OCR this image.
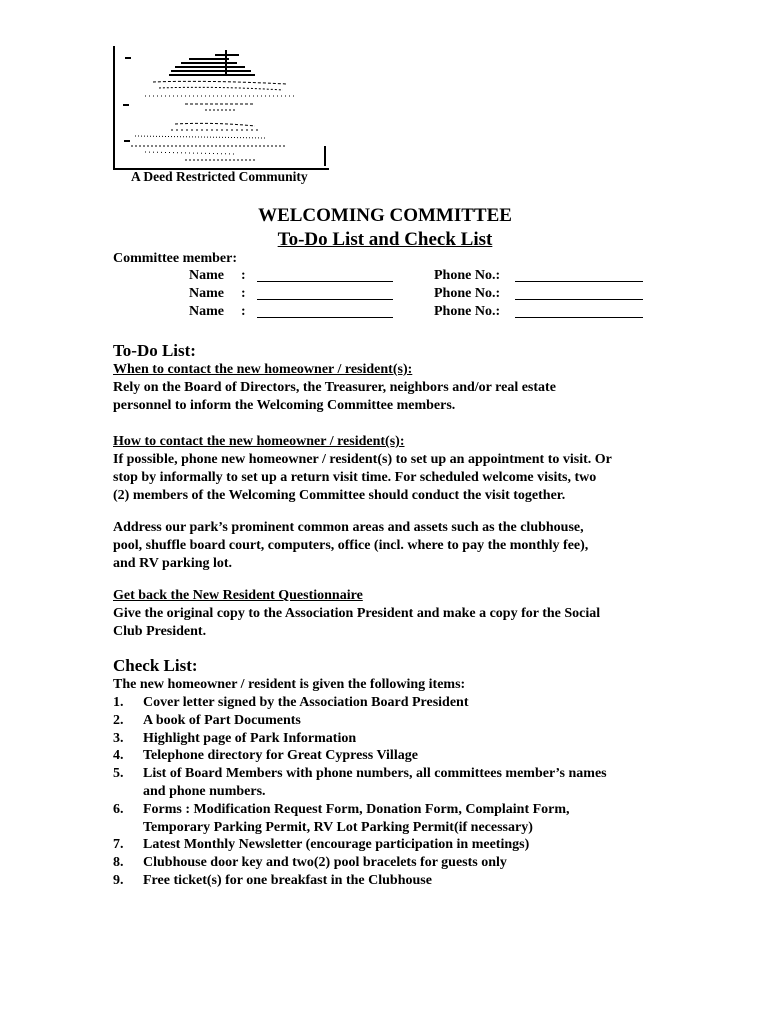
A Deed Restricted Community
WELCOMING COMMITTEE
To-Do List and Check List
Committee member:
Name :
Name :
Name :
Phone No.:
Phone No.:
Phone No.:
To-Do List:
When to contact the new homeowner / resident(s):
Rely on the Board of Directors, the Treasurer, neighbors and/or real estate
personnel to inform the Welcoming Committee members.
How to contact the new homeowner / resident(s):
If possible, phone new homeowner / resident(s) to set up an appointment to visit. Or
stop by informally to set up a return visit time. For scheduled welcome visits, two
(2) members of the Welcoming Committee should conduct the visit together.
Address our park’s prominent common areas and assets such as the clubhouse,
pool, shuffle board court, computers, office (incl. where to pay the monthly fee),
and RV parking lot.
Get back the New Resident Questionnaire
Give the original copy to the Association President and make a copy for the Social
Club President.
Check List:
The new homeowner / resident is given the following items:
1. Cover letter signed by the Association Board President
2. A book of Part Documents
3. Highlight page of Park Information
4. Telephone directory for Great Cypress Village
5. List of Board Members with phone numbers, all committees member’s names
and phone numbers.
6. Forms : Modification Request Form, Donation Form, Complaint Form,
Temporary Parking Permit, RV Lot Parking Permit(if necessary)
7. Latest Monthly Newsletter (encourage participation in meetings)
8. Clubhouse door key and two(2) pool bracelets for guests only
9. Free ticket(s) for one breakfast in the Clubhouse
